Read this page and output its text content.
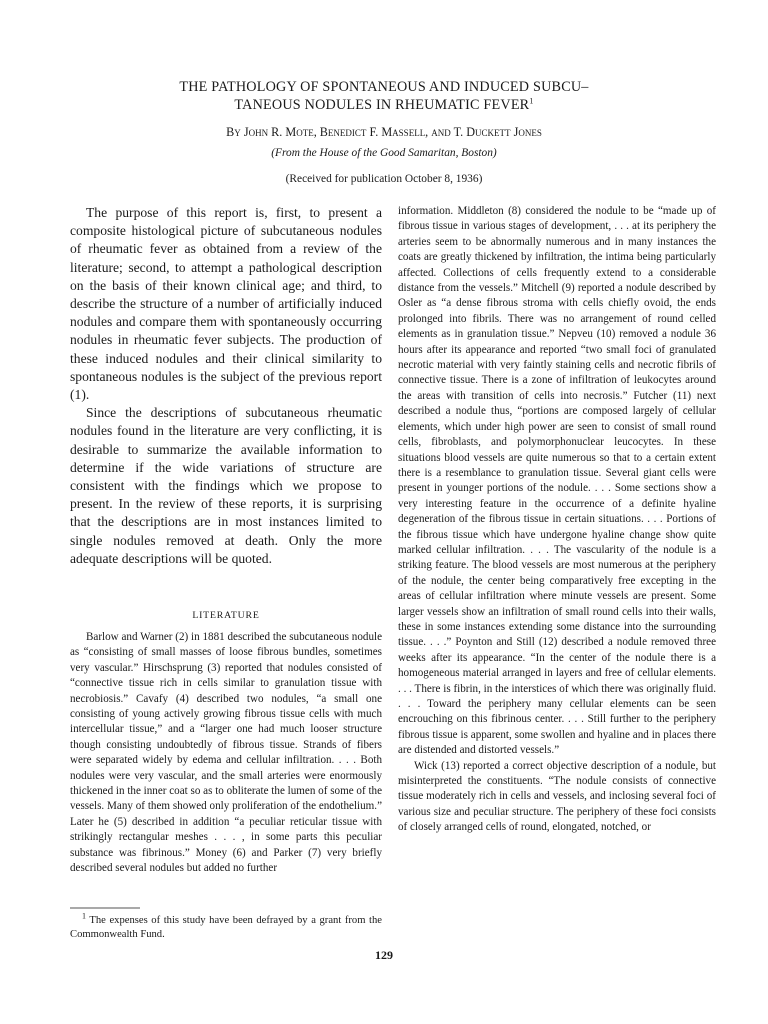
THE PATHOLOGY OF SPONTANEOUS AND INDUCED SUBCU–
TANEOUS NODULES IN RHEUMATIC FEVER$^1$
By John R. Mote, Benedict F. Massell, and T. Duckett Jones
(From the House of the Good Samaritan, Boston)
(Received for publication October 8, 1936)

The purpose of this report is, first, to present a composite histological picture of subcutaneous nodules of rheumatic fever as obtained from a review of the literature; second, to attempt a pathological description on the basis of their known clinical age; and third, to describe the structure of a number of artificially induced nodules and compare them with spontaneously occurring nodules in rheumatic fever subjects. The production of these induced nodules and their clinical similarity to spontaneous nodules is the subject of the previous report (1).

Since the descriptions of subcutaneous rheumatic nodules found in the literature are very conflicting, it is desirable to summarize the available information to determine if the wide variations of structure are consistent with the findings which we propose to present. In the review of these reports, it is surprising that the descriptions are in most instances limited to single nodules removed at death. Only the more adequate descriptions will be quoted.

LITERATURE

Barlow and Warner (2) in 1881 described the subcutaneous nodule as “consisting of small masses of loose fibrous bundles, sometimes very vascular.” Hirschsprung (3) reported that nodules consisted of “connective tissue rich in cells similar to granulation tissue with necrobiosis.” Cavafy (4) described two nodules, “a small one consisting of young actively growing fibrous tissue cells with much intercellular tissue,” and a “larger one had much looser structure though consisting undoubtedly of fibrous tissue. Strands of fibers were separated widely by edema and cellular infiltration. . . . Both nodules were very vascular, and the small arteries were enormously thickened in the inner coat so as to obliterate the lumen of some of the vessels. Many of them showed only proliferation of the endothelium.” Later he (5) described in addition “a peculiar reticular tissue with strikingly rectangular meshes . . . , in some parts this peculiar substance was fibrinous.” Money (6) and Parker (7) very briefly described several nodules but added no further

$^1$ The expenses of this study have been defrayed by a grant from the Commonwealth Fund.

information. Middleton (8) considered the nodule to be “made up of fibrous tissue in various stages of development, . . . at its periphery the arteries seem to be abnormally numerous and in many instances the coats are greatly thickened by infiltration, the intima being particularly affected. Collections of cells frequently extend to a considerable distance from the vessels.” Mitchell (9) reported a nodule described by Osler as “a dense fibrous stroma with cells chiefly ovoid, the ends prolonged into fibrils. There was no arrangement of round celled elements as in granulation tissue.” Nepveu (10) removed a nodule 36 hours after its appearance and reported “two small foci of granulated necrotic material with very faintly staining cells and necrotic fibrils of connective tissue. There is a zone of infiltration of leukocytes around the areas with transition of cells into necrosis.” Futcher (11) next described a nodule thus, “portions are composed largely of cellular elements, which under high power are seen to consist of small round cells, fibroblasts, and polymorphonuclear leucocytes. In these situations blood vessels are quite numerous so that to a certain extent there is a resemblance to granulation tissue. Several giant cells were present in younger portions of the nodule. . . . Some sections show a very interesting feature in the occurrence of a definite hyaline degeneration of the fibrous tissue in certain situations. . . . Portions of the fibrous tissue which have undergone hyaline change show quite marked cellular infiltration. . . . The vascularity of the nodule is a striking feature. The blood vessels are most numerous at the periphery of the nodule, the center being comparatively free excepting in the areas of cellular infiltration where minute vessels are present. Some larger vessels show an infiltration of small round cells into their walls, these in some instances extending some distance into the surrounding tissue. . . .” Poynton and Still (12) described a nodule removed three weeks after its appearance. “In the center of the nodule there is a homogeneous material arranged in layers and free of cellular elements. . . . There is fibrin, in the interstices of which there was originally fluid. . . . Toward the periphery many cellular elements can be seen encrouching on this fibrinous center. . . . Still further to the periphery fibrous tissue is apparent, some swollen and hyaline and in places there are distended and distorted vessels.”

Wick (13) reported a correct objective description of a nodule, but misinterpreted the constituents. “The nodule consists of connective tissue moderately rich in cells and vessels, and inclosing several foci of various size and peculiar structure. The periphery of these foci consists of closely arranged cells of round, elongated, notched, or

129
